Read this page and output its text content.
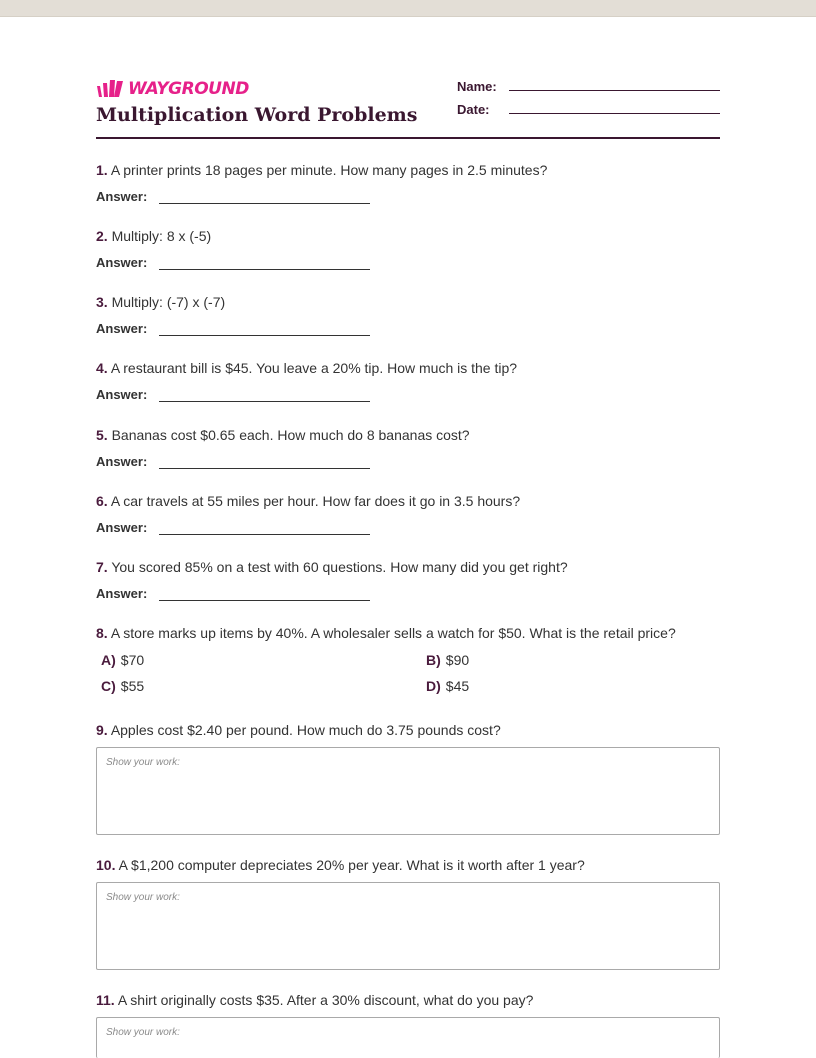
WAYGROUND
Multiplication Word Problems
Name:
Date:
1. A printer prints 18 pages per minute. How many pages in 2.5 minutes?
Answer:
2. Multiply: 8 x (-5)
Answer:
3. Multiply: (-7) x (-7)
Answer:
4. A restaurant bill is $45. You leave a 20% tip. How much is the tip?
Answer:
5. Bananas cost $0.65 each. How much do 8 bananas cost?
Answer:
6. A car travels at 55 miles per hour. How far does it go in 3.5 hours?
Answer:
7. You scored 85% on a test with 60 questions. How many did you get right?
Answer:
8. A store marks up items by 40%. A wholesaler sells a watch for $50. What is the retail price?
A) $70	B) $90
C) $55	D) $45
9. Apples cost $2.40 per pound. How much do 3.75 pounds cost?
Show your work:
10. A $1,200 computer depreciates 20% per year. What is it worth after 1 year?
Show your work:
11. A shirt originally costs $35. After a 30% discount, what do you pay?
Show your work:
